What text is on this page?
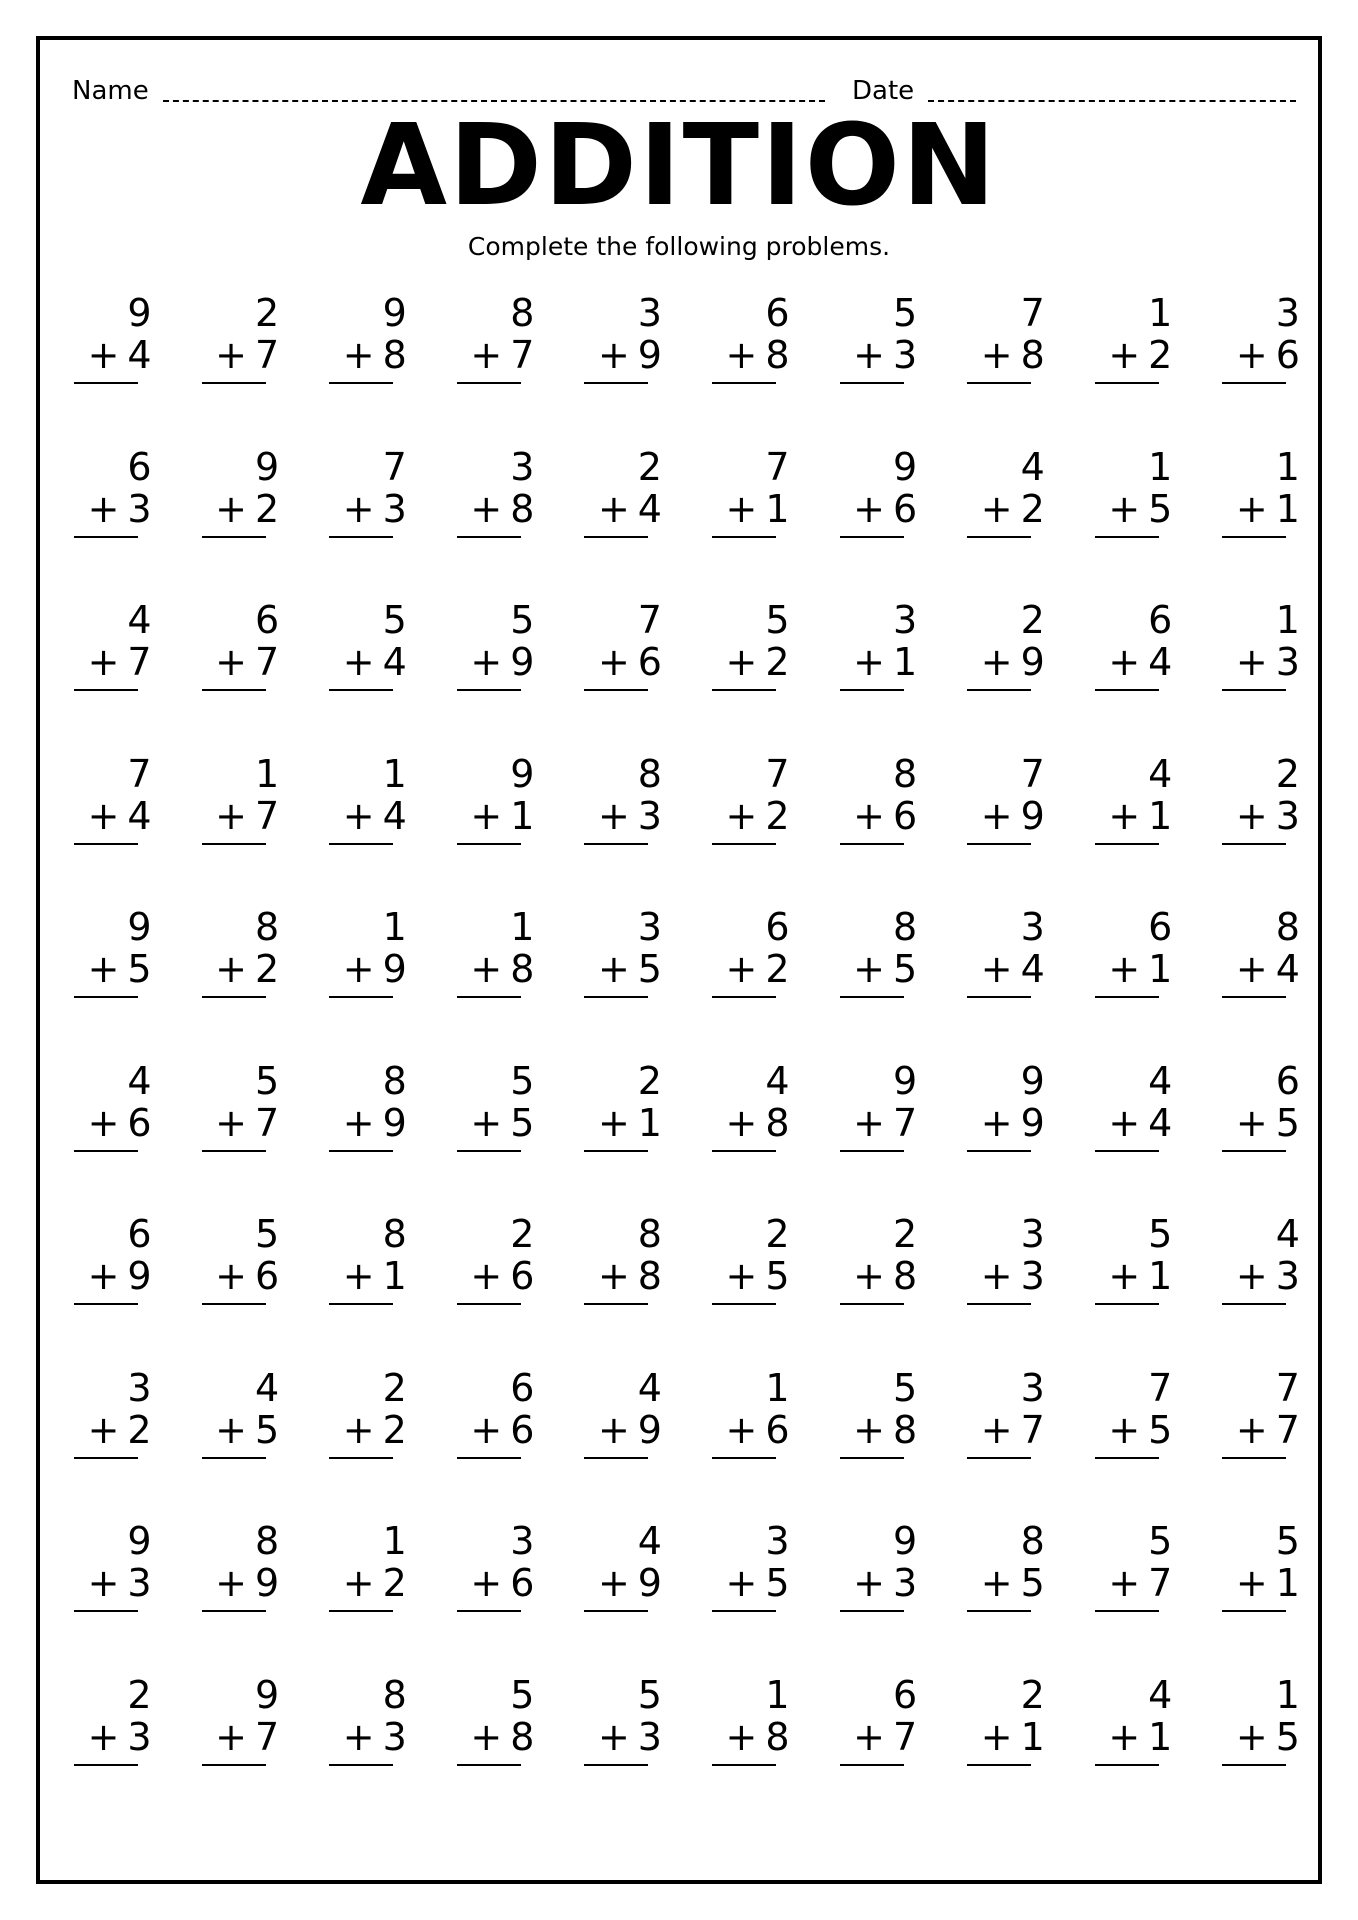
Name	Date
ADDITION
Complete the following problems.
9
+ 4
2
+ 7
9
+ 8
8
+ 7
3
+ 9
6
+ 8
5
+ 3
7
+ 8
1
+ 2
3
+ 6
6
+ 3
9
+ 2
7
+ 3
3
+ 8
2
+ 4
7
+ 1
9
+ 6
4
+ 2
1
+ 5
1
+ 1
4
+ 7
6
+ 7
5
+ 4
5
+ 9
7
+ 6
5
+ 2
3
+ 1
2
+ 9
6
+ 4
1
+ 3
7
+ 4
1
+ 7
1
+ 4
9
+ 1
8
+ 3
7
+ 2
8
+ 6
7
+ 9
4
+ 1
2
+ 3
9
+ 5
8
+ 2
1
+ 9
1
+ 8
3
+ 5
6
+ 2
8
+ 5
3
+ 4
6
+ 1
8
+ 4
4
+ 6
5
+ 7
8
+ 9
5
+ 5
2
+ 1
4
+ 8
9
+ 7
9
+ 9
4
+ 4
6
+ 5
6
+ 9
5
+ 6
8
+ 1
2
+ 6
8
+ 8
2
+ 5
2
+ 8
3
+ 3
5
+ 1
4
+ 3
3
+ 2
4
+ 5
2
+ 2
6
+ 6
4
+ 9
1
+ 6
5
+ 8
3
+ 7
7
+ 5
7
+ 7
9
+ 3
8
+ 9
1
+ 2
3
+ 6
4
+ 9
3
+ 5
9
+ 3
8
+ 5
5
+ 7
5
+ 1
2
+ 3
9
+ 7
8
+ 3
5
+ 8
5
+ 3
1
+ 8
6
+ 7
2
+ 1
4
+ 1
1
+ 5
